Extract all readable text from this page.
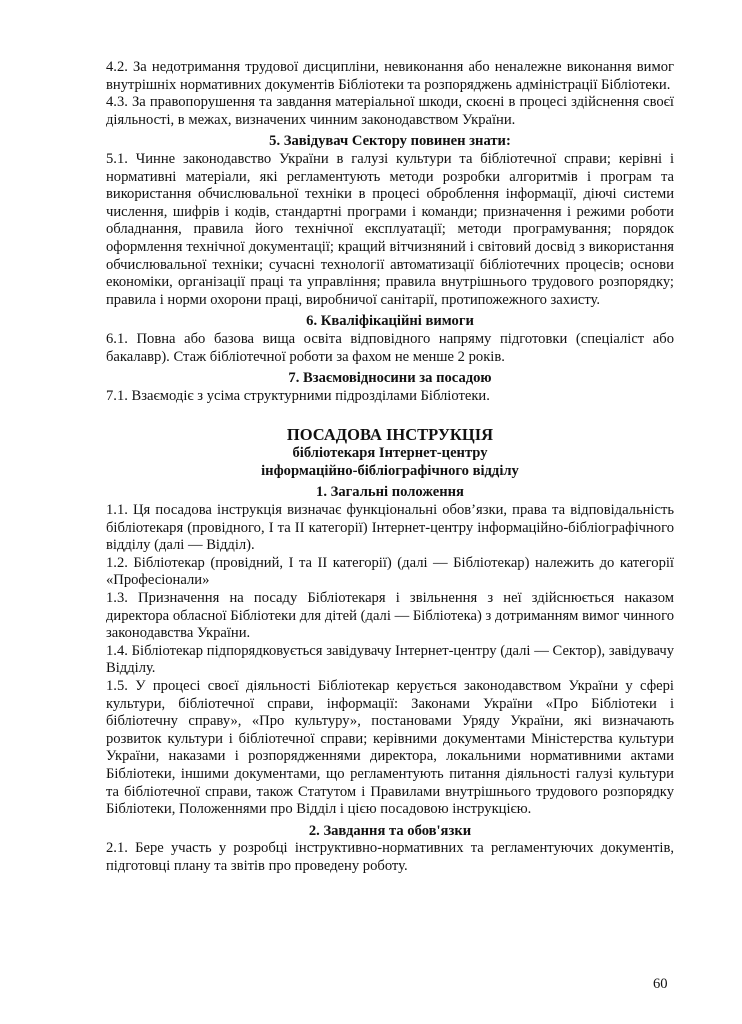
4.2. За недотримання трудової дисципліни, невиконання або неналежне виконання вимог внутрішніх нормативних документів Бібліотеки та розпоряджень адміністрації Бібліотеки.

4.3. За правопорушення та завдання матеріальної шкоди, скоєні в процесі здійснення своєї діяльності, в межах, визначених чинним законодавством України.

5. Завідувач Сектору повинен знати:

5.1. Чинне законодавство України в галузі культури та бібліотечної справи; керівні і нормативні матеріали, які регламентують методи розробки алгоритмів і програм та використання обчислювальної техніки в процесі оброблення інформації, діючі системи числення, шифрів і кодів, стандартні програми і команди; призначення і режими роботи обладнання, правила його технічної експлуатації; методи програмування; порядок оформлення технічної документації; кращий вітчизняний і світовий досвід з використання обчислювальної техніки; сучасні технології автоматизації бібліотечних процесів; основи економіки, організації праці та управління; правила внутрішнього трудового розпорядку; правила і норми охорони праці, виробничої санітарії, протипожежного захисту.

6. Кваліфікаційні вимоги

6.1. Повна або базова вища освіта відповідного напряму підготовки (спеціаліст або бакалавр). Стаж бібліотечної роботи за фахом не менше 2 років.

7. Взаємовідносини за посадою

7.1. Взаємодіє з усіма структурними підрозділами Бібліотеки.

ПОСАДОВА ІНСТРУКЦІЯ

бібліотекаря Інтернет-центру

інформаційно-бібліографічного відділу

1. Загальні положення

1.1. Ця посадова інструкція визначає функціональні обов’язки, права та відповідальність бібліотекаря (провідного, І та ІІ категорії) Інтернет-центру інформаційно-бібліографічного відділу (далі — Відділ).

1.2. Бібліотекар (провідний, І та ІІ категорії) (далі — Бібліотекар) належить до категорії «Професіонали»

1.3. Призначення на посаду Бібліотекаря і звільнення з неї здійснюється наказом директора обласної Бібліотеки для дітей (далі — Бібліотека) з дотриманням вимог чинного законодавства України.

1.4. Бібліотекар підпорядковується завідувачу Інтернет-центру (далі — Сектор), завідувачу Відділу.

1.5. У процесі своєї діяльності Бібліотекар керується законодавством України у сфері культури, бібліотечної справи, інформації: Законами України «Про Бібліотеки і бібліотечну справу», «Про культуру», постановами Уряду України, які визначають розвиток культури і бібліотечної справи; керівними документами Міністерства культури України, наказами і розпорядженнями директора, локальними нормативними актами Бібліотеки, іншими документами, що регламентують питання діяльності галузі культури та бібліотечної справи, також Статутом і Правилами внутрішнього трудового розпорядку Бібліотеки, Положеннями про Відділ і цією посадовою інструкцією.

2. Завдання та обов'язки

2.1. Бере участь у розробці інструктивно-нормативних та регламентуючих документів, підготовці плану та звітів про проведену роботу.

60
